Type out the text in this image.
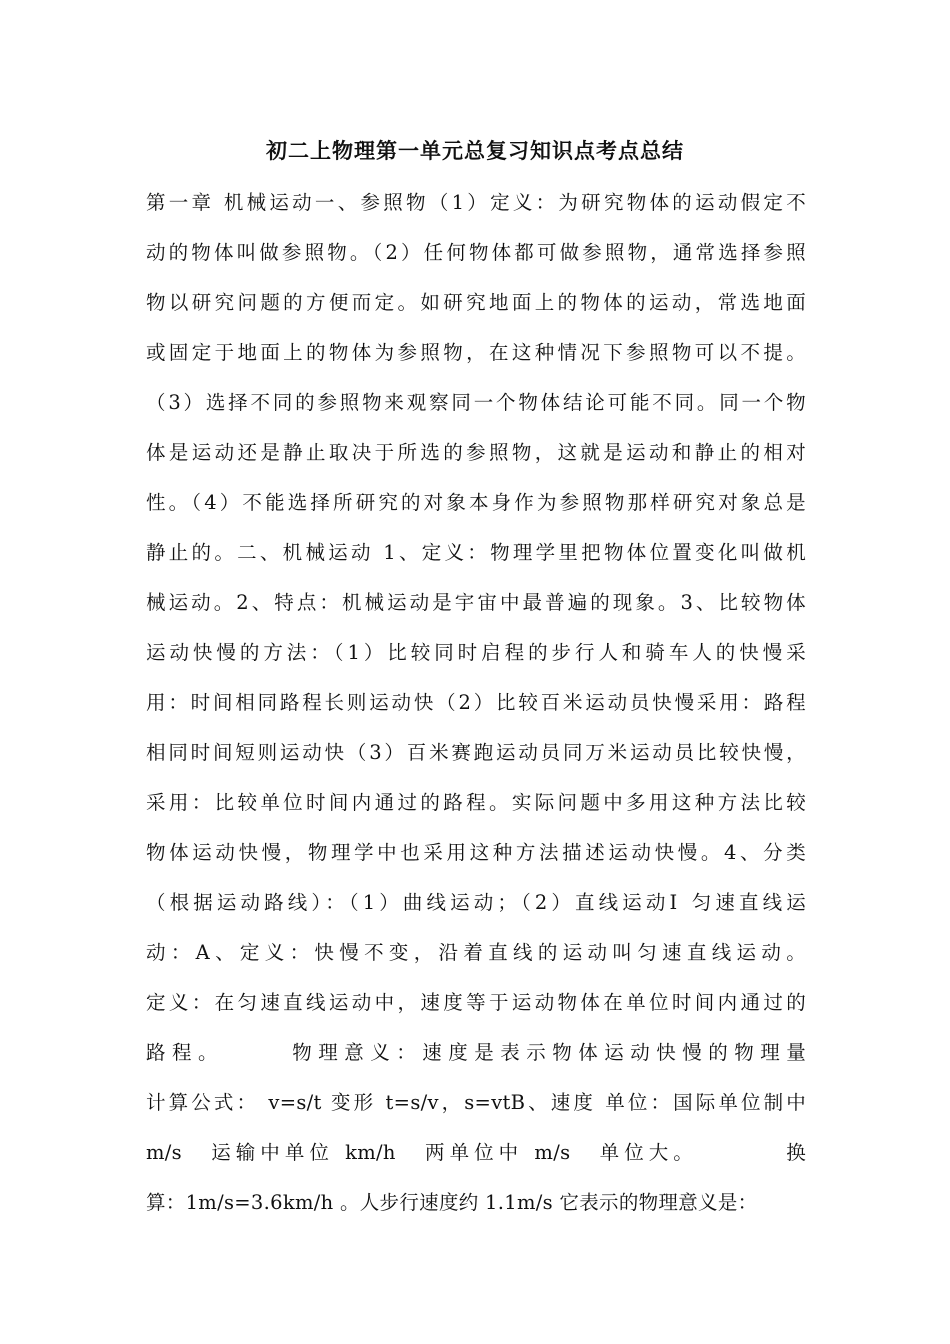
初二上物理第一单元总复习知识点考点总结
第一章 机械运动一、参照物（1）定义：为研究物体的运动假定不
动的物体叫做参照物。（2）任何物体都可做参照物，通常选择参照
物以研究问题的方便而定。如研究地面上的物体的运动，常选地面
或固定于地面上的物体为参照物，在这种情况下参照物可以不提。
（3）选择不同的参照物来观察同一个物体结论可能不同。同一个物
体是运动还是静止取决于所选的参照物，这就是运动和静止的相对
性。（4）不能选择所研究的对象本身作为参照物那样研究对象总是
静止的。二、机械运动 1、定义：物理学里把物体位置变化叫做机
械运动。2、特点：机械运动是宇宙中最普遍的现象。3、比较物体
运动快慢的方法：（1）比较同时启程的步行人和骑车人的快慢采
用：时间相同路程长则运动快（2）比较百米运动员快慢采用：路程
相同时间短则运动快（3）百米赛跑运动员同万米运动员比较快慢，
采用：比较单位时间内通过的路程。实际问题中多用这种方法比较
物体运动快慢，物理学中也采用这种方法描述运动快慢。4、分类
（根据运动路线）：（1）曲线运动；（2）直线运动Ⅰ 匀速直线运
动：A、定义：快慢不变，沿着直线的运动叫匀速直线运动。
定义：在匀速直线运动中，速度等于运动物体在单位时间内通过的
路程。　　　物理意义：速度是表示物体运动快慢的物理量
计算公式： v=s/t 变形 t=s/v，s=vtB、速度 单位：国际单位制中
m/s　运输中单位 km/h　两单位中 m/s　单位大。　　　　换
算：1m/s=3.6km/h 。人步行速度约 1.1m/s 它表示的物理意义是：
